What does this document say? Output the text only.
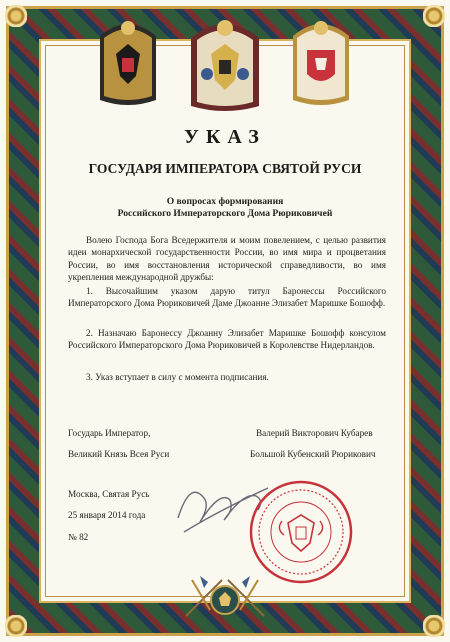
УКАЗ
ГОСУДАРЯ ИМПЕРАТОРА СВЯТОЙ РУСИ
О вопросах формирования
Российского Императорского Дома Рюриковичей
Волею Господа Бога Вседержителя и моим повелением, с целью развития идеи монархической государственности России, во имя мира и процветания России, во имя восстановления исторической справедливости, во имя укрепления международной дружбы:
1. Высочайшим указом дарую титул Баронессы Российского Императорского Дома Рюриковичей Даме Джоанне Элизабет Маришке Бошофф.
2. Назначаю Баронессу Джоанну Элизабет Маришке Бошофф консулом Российского Императорского Дома Рюриковичей в Королевстве Нидерландов.
3. Указ вступает в силу с момента подписания.
Государь Император,
Великий Князь Всея Руси
Валерий Викторович Кубарев
Большой Кубенский Рюрикович
Москва, Святая Русь
25 января 2014 года
№ 82
